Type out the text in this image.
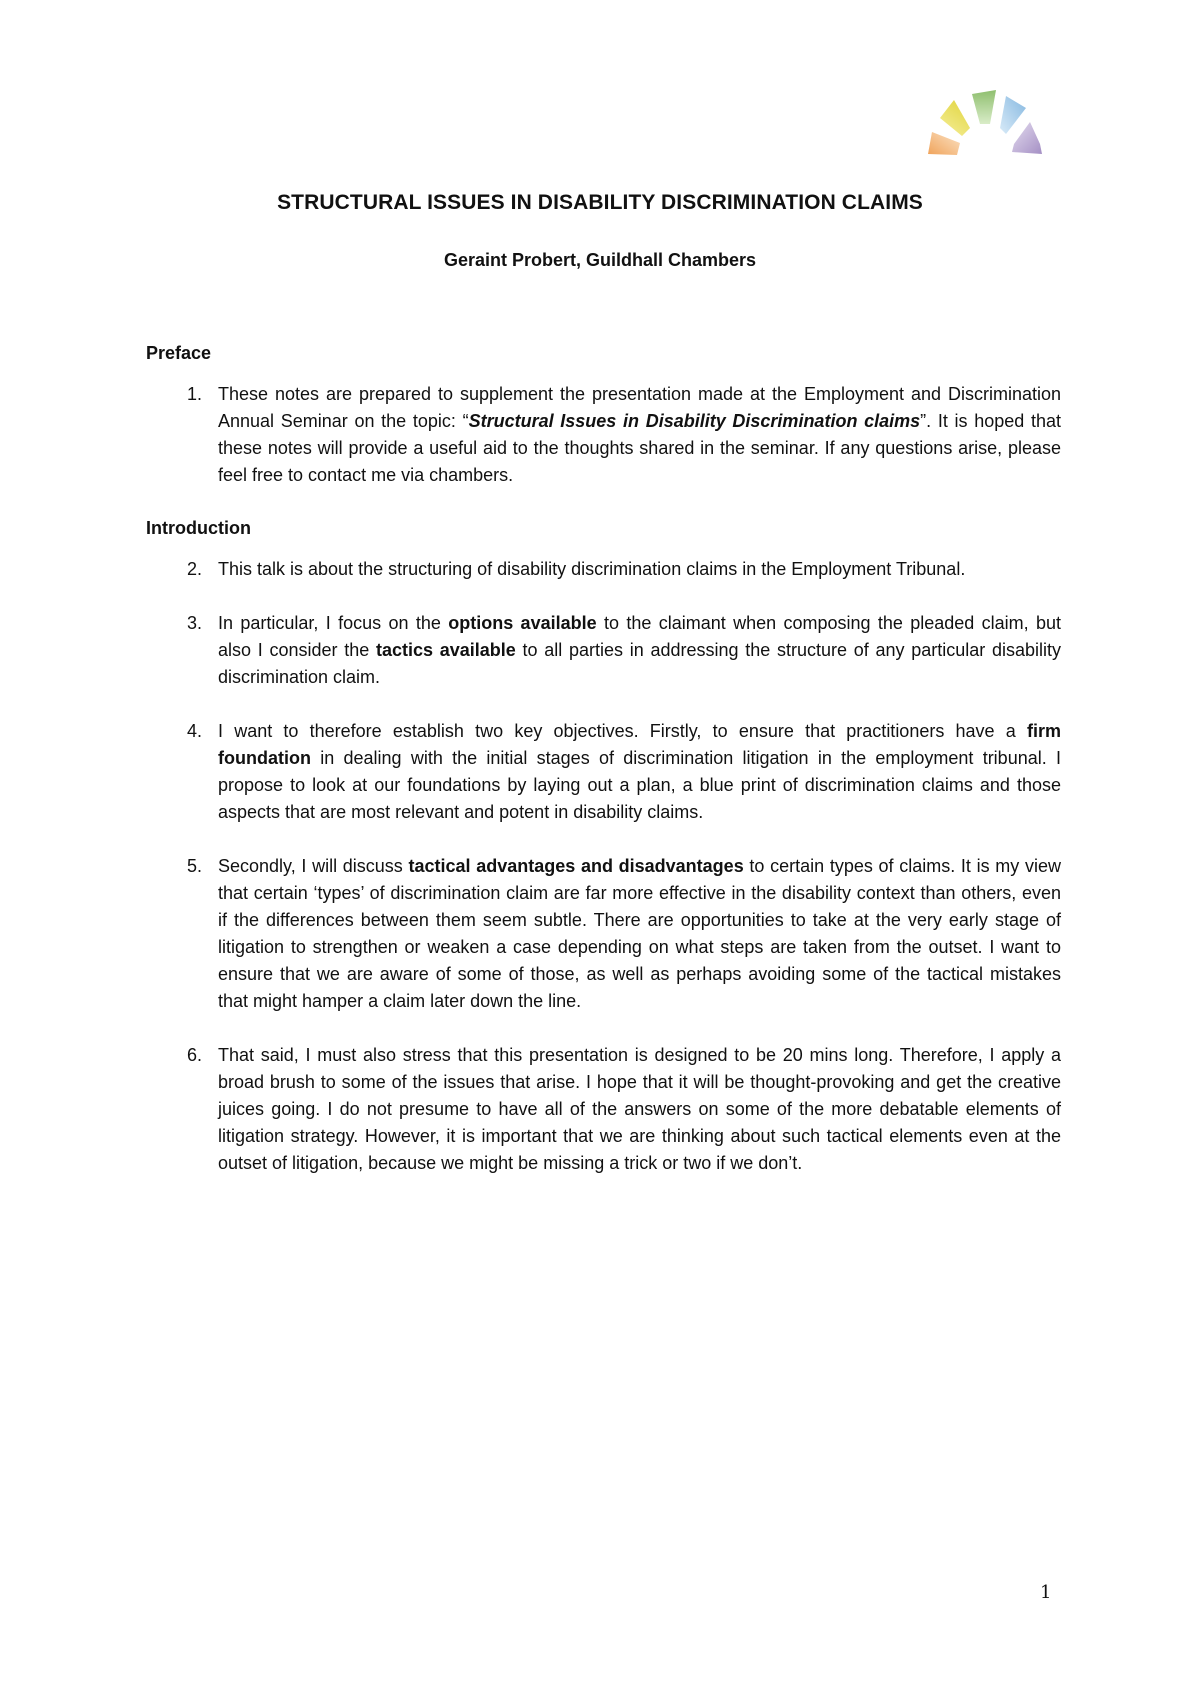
STRUCTURAL ISSUES IN DISABILITY DISCRIMINATION CLAIMS
Geraint Probert, Guildhall Chambers

Preface

1. These notes are prepared to supplement the presentation made at the Employment and Discrimination Annual Seminar on the topic: “Structural Issues in Disability Discrimination claims”. It is hoped that these notes will provide a useful aid to the thoughts shared in the seminar. If any questions arise, please feel free to contact me via chambers.

Introduction

2. This talk is about the structuring of disability discrimination claims in the Employment Tribunal.
3. In particular, I focus on the options available to the claimant when composing the pleaded claim, but also I consider the tactics available to all parties in addressing the structure of any particular disability discrimination claim.
4. I want to therefore establish two key objectives. Firstly, to ensure that practitioners have a firm foundation in dealing with the initial stages of discrimination litigation in the employment tribunal. I propose to look at our foundations by laying out a plan, a blue print of discrimination claims and those aspects that are most relevant and potent in disability claims.
5. Secondly, I will discuss tactical advantages and disadvantages to certain types of claims. It is my view that certain ‘types’ of discrimination claim are far more effective in the disability context than others, even if the differences between them seem subtle. There are opportunities to take at the very early stage of litigation to strengthen or weaken a case depending on what steps are taken from the outset. I want to ensure that we are aware of some of those, as well as perhaps avoiding some of the tactical mistakes that might hamper a claim later down the line.
6. That said, I must also stress that this presentation is designed to be 20 mins long. Therefore, I apply a broad brush to some of the issues that arise. I hope that it will be thought-provoking and get the creative juices going. I do not presume to have all of the answers on some of the more debatable elements of litigation strategy. However, it is important that we are thinking about such tactical elements even at the outset of litigation, because we might be missing a trick or two if we don’t.
1
